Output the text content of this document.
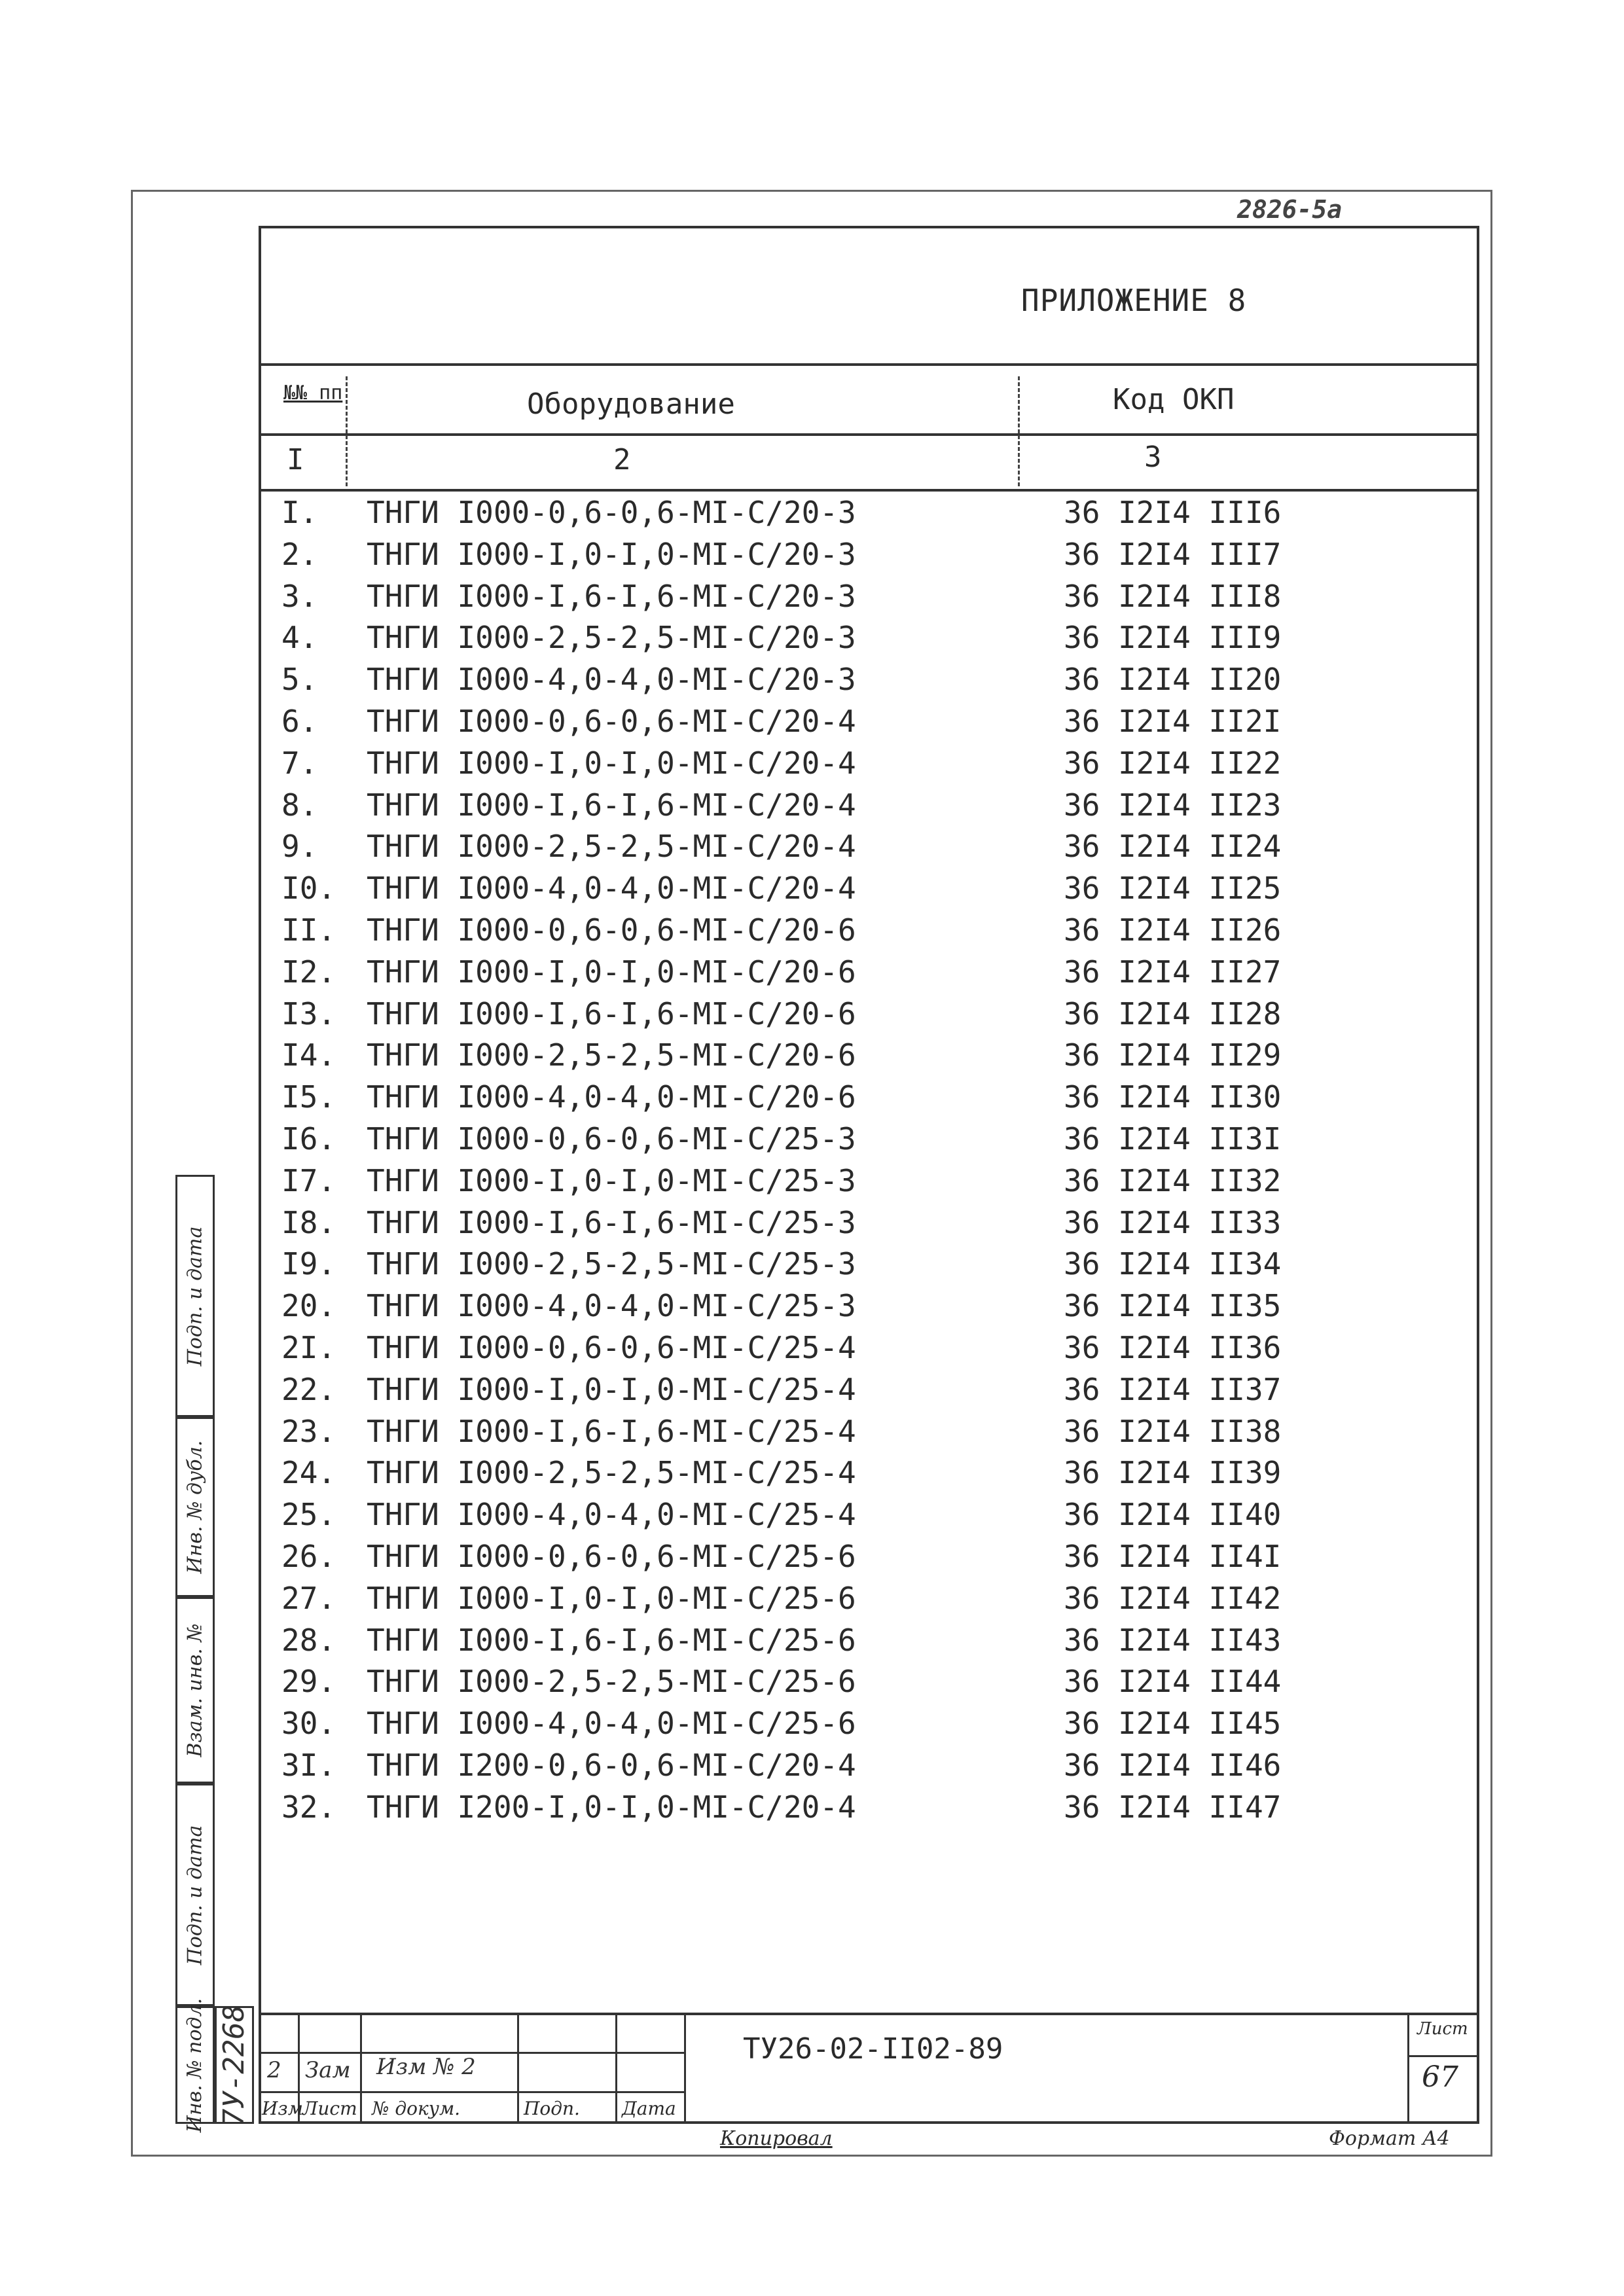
2826-5a
ПРИЛОЖЕНИЕ 8
№№ пп	Оборудование	Код ОКП
I	2	3
I.	ТНГИ I000-0,6-0,6-МI-С/20-3	36 I2I4 III6
2.	ТНГИ I000-I,0-I,0-МI-С/20-3	36 I2I4 III7
3.	ТНГИ I000-I,6-I,6-МI-С/20-3	36 I2I4 III8
4.	ТНГИ I000-2,5-2,5-МI-С/20-3	36 I2I4 III9
5.	ТНГИ I000-4,0-4,0-МI-С/20-3	36 I2I4 II20
6.	ТНГИ I000-0,6-0,6-МI-С/20-4	36 I2I4 II2I
7.	ТНГИ I000-I,0-I,0-МI-С/20-4	36 I2I4 II22
8.	ТНГИ I000-I,6-I,6-МI-С/20-4	36 I2I4 II23
9.	ТНГИ I000-2,5-2,5-МI-С/20-4	36 I2I4 II24
I0.	ТНГИ I000-4,0-4,0-МI-С/20-4	36 I2I4 II25
II.	ТНГИ I000-0,6-0,6-МI-С/20-6	36 I2I4 II26
I2.	ТНГИ I000-I,0-I,0-МI-С/20-6	36 I2I4 II27
I3.	ТНГИ I000-I,6-I,6-МI-С/20-6	36 I2I4 II28
I4.	ТНГИ I000-2,5-2,5-МI-С/20-6	36 I2I4 II29
I5.	ТНГИ I000-4,0-4,0-МI-С/20-6	36 I2I4 II30
I6.	ТНГИ I000-0,6-0,6-МI-С/25-3	36 I2I4 II3I
I7.	ТНГИ I000-I,0-I,0-МI-С/25-3	36 I2I4 II32
I8.	ТНГИ I000-I,6-I,6-МI-С/25-3	36 I2I4 II33
I9.	ТНГИ I000-2,5-2,5-МI-С/25-3	36 I2I4 II34
20.	ТНГИ I000-4,0-4,0-МI-С/25-3	36 I2I4 II35
2I.	ТНГИ I000-0,6-0,6-МI-С/25-4	36 I2I4 II36
22.	ТНГИ I000-I,0-I,0-МI-С/25-4	36 I2I4 II37
23.	ТНГИ I000-I,6-I,6-МI-С/25-4	36 I2I4 II38
24.	ТНГИ I000-2,5-2,5-МI-С/25-4	36 I2I4 II39
25.	ТНГИ I000-4,0-4,0-МI-С/25-4	36 I2I4 II40
26.	ТНГИ I000-0,6-0,6-МI-С/25-6	36 I2I4 II4I
27.	ТНГИ I000-I,0-I,0-МI-С/25-6	36 I2I4 II42
28.	ТНГИ I000-I,6-I,6-МI-С/25-6	36 I2I4 II43
29.	ТНГИ I000-2,5-2,5-МI-С/25-6	36 I2I4 II44
30.	ТНГИ I000-4,0-4,0-МI-С/25-6	36 I2I4 II45
3I.	ТНГИ I200-0,6-0,6-МI-С/20-4	36 I2I4 II46
32.	ТНГИ I200-I,0-I,0-МI-С/20-4	36 I2I4 II47
Подп. и дата
Инв. № дубл.
Взам. инв. №
Подп. и дата
Инв. № подл. 7У-2268 2 Зам Изм № 2
Изм Лист № докум.	Подп. Дата
ТУ26-02-II02-89
Лист
67
Копировал	Формат А4
